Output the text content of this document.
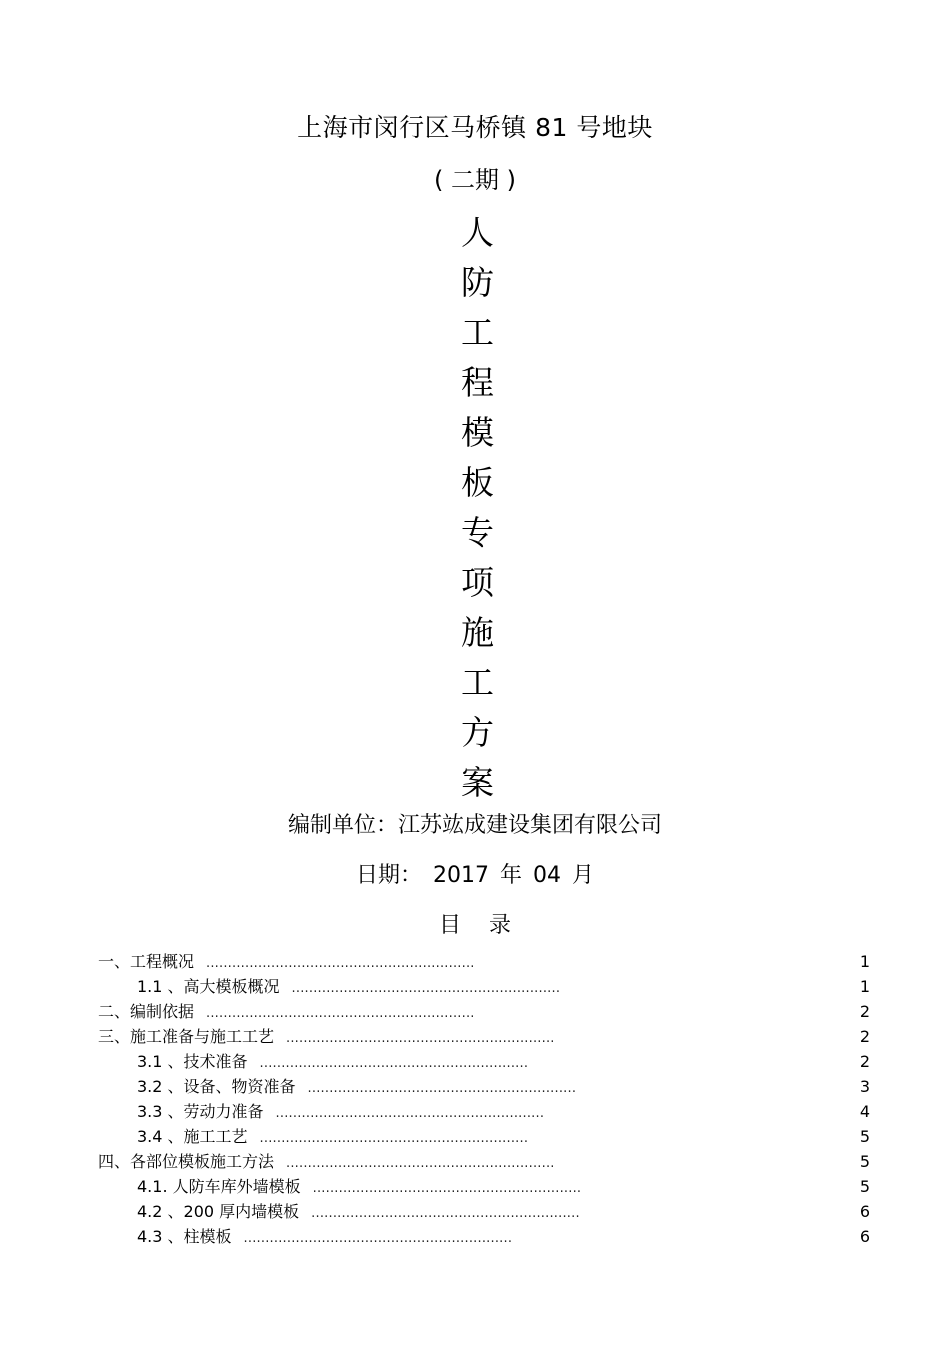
上海市闵行区马桥镇 81 号地块
( 二期 )
人
防
工
程
模
板
专
项
施
工
方
案
编制单位：江苏竑成建设集团有限公司
日期： 2017 年 04 月
目录
一、工程概况 ..............................................................	1
1.1 、高大模板概况 ..............................................................	1
二、编制依据 ..............................................................	2
三、施工准备与施工工艺 ..............................................................	2
3.1 、技术准备 ..............................................................	2
3.2 、设备、物资准备 ..............................................................	3
3.3 、劳动力准备 ..............................................................	4
3.4 、施工工艺 ..............................................................	5
四、各部位模板施工方法 ..............................................................	5
4.1. 人防车库外墙模板 ..............................................................	5
4.2 、200 厚内墙模板 ..............................................................	6
4.3 、柱模板 ..............................................................	6
